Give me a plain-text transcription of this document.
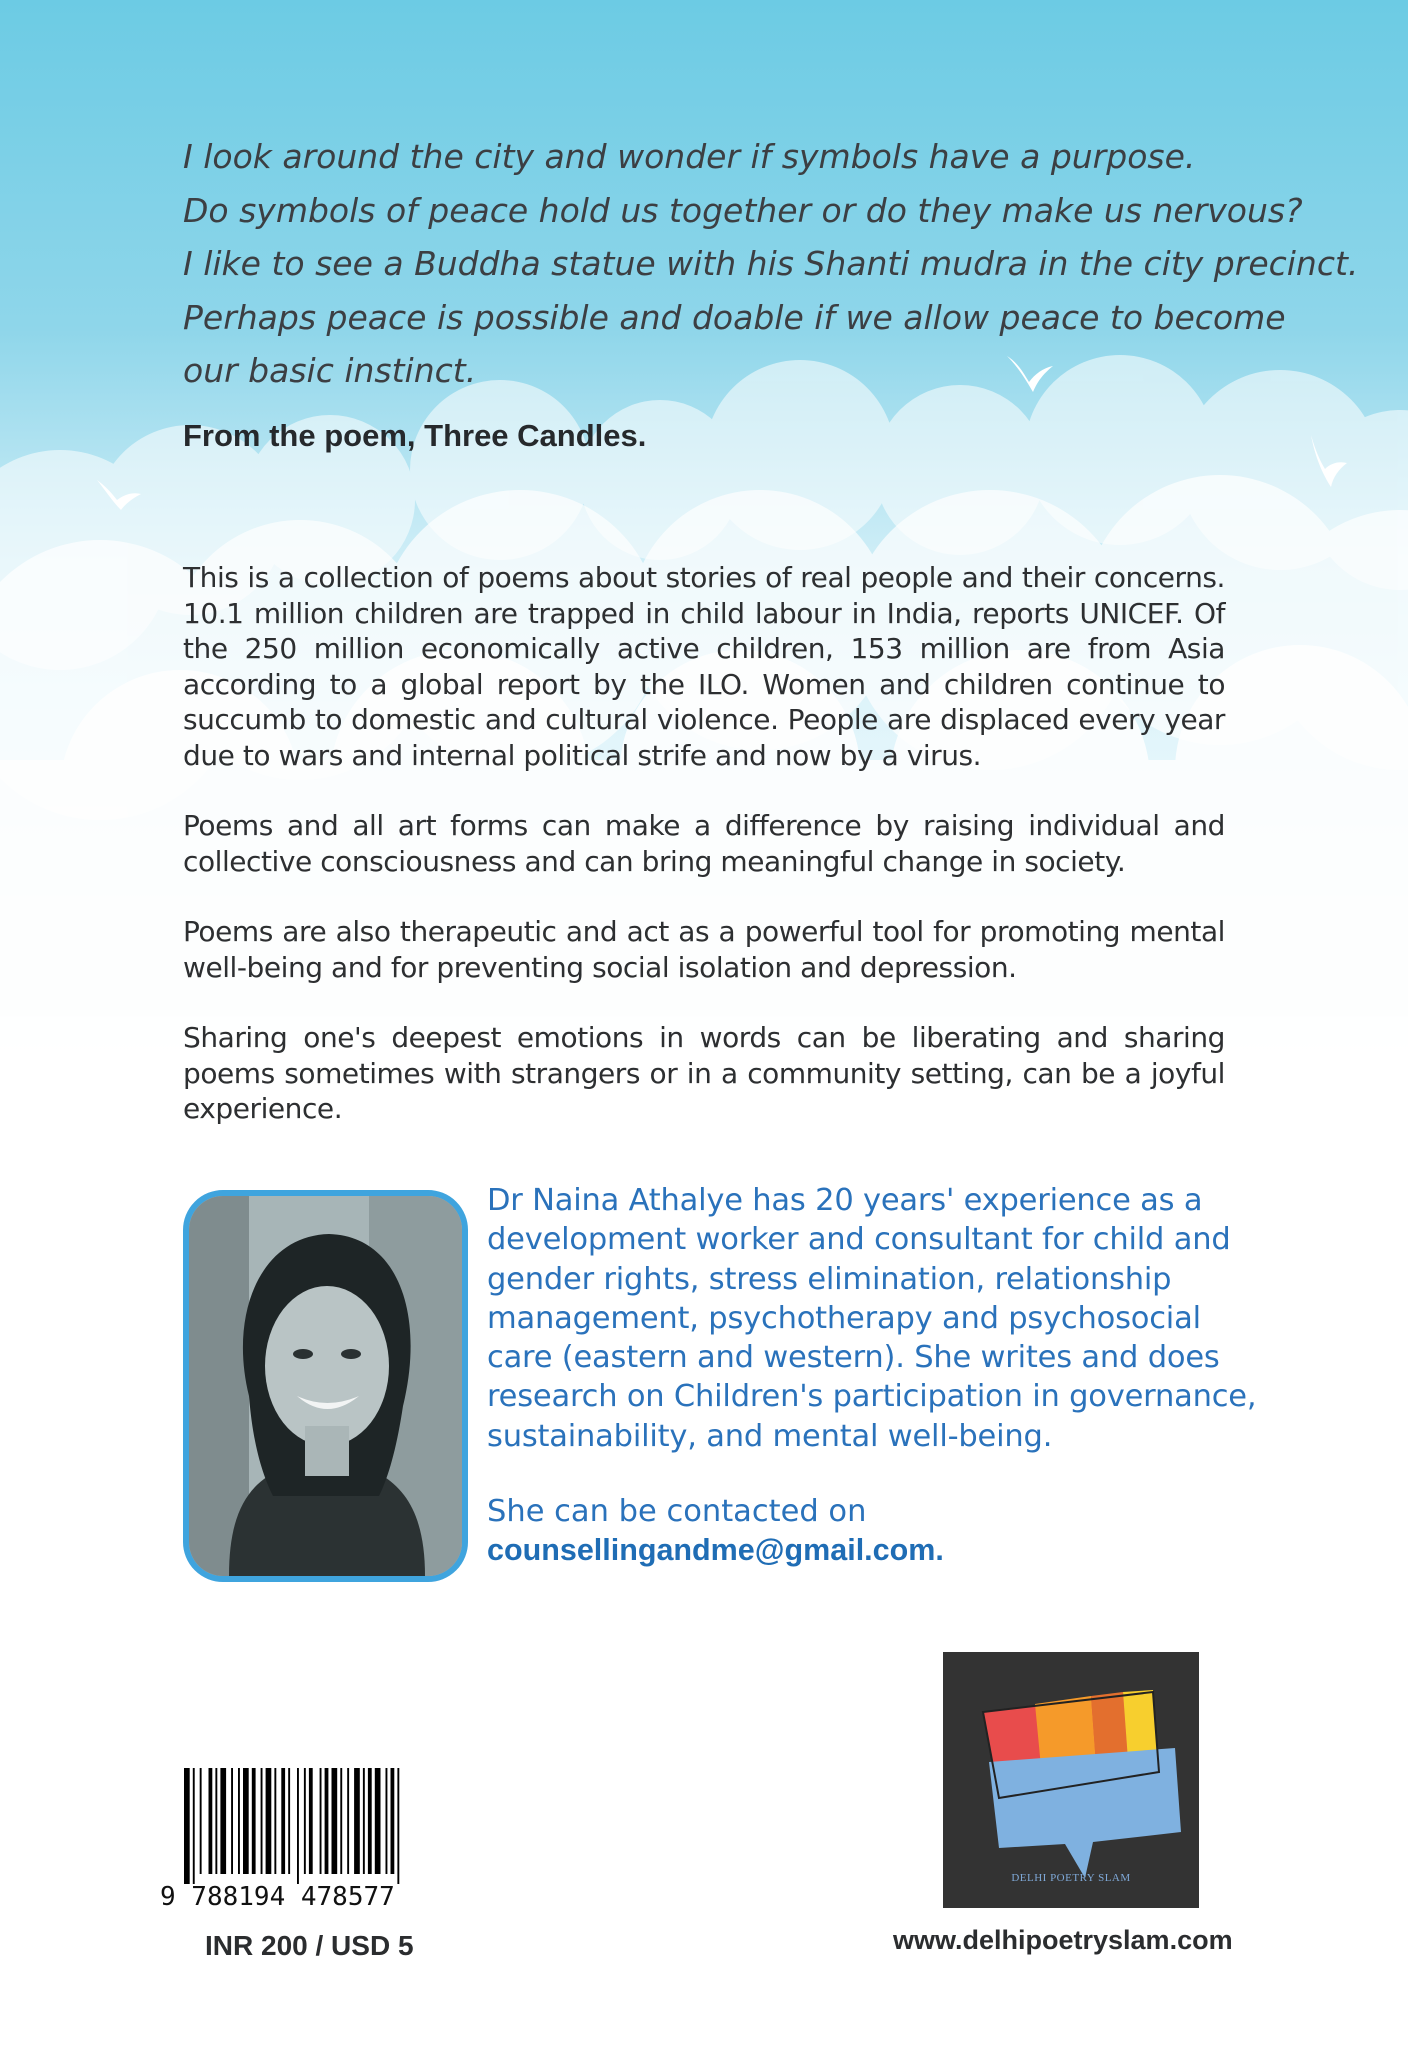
I look around the city and wonder if symbols have a purpose.
Do symbols of peace hold us together or do they make us nervous?
I like to see a Buddha statue with his Shanti mudra in the city precinct.
Perhaps peace is possible and doable if we allow peace to become
our basic instinct.
From the poem, Three Candles.

This is a collection of poems about stories of real people and their concerns. 10.1 million children are trapped in child labour in India, reports UNICEF. Of the 250 million economically active children, 153 million are from Asia according to a global report by the ILO. Women and children continue to succumb to domestic and cultural violence. People are displaced every year due to wars and internal political strife and now by a virus.

Poems and all art forms can make a difference by raising individual and collective consciousness and can bring meaningful change in society.

Poems are also therapeutic and act as a powerful tool for promoting mental well-being and for preventing social isolation and depression.

Sharing one's deepest emotions in words can be liberating and sharing poems sometimes with strangers or in a community setting, can be a joyful experience.

Dr Naina Athalye has 20 years' experience as a development worker and consultant for child and gender rights, stress elimination, relationship management, psychotherapy and psychosocial care (eastern and western). She writes and does research on Children's participation in governance, sustainability, and mental well-being.

She can be contacted on
counsellingandme@gmail.com.

9 788194 478577
INR 200 / USD 5
DELHI POETRY SLAM
www.delhipoetryslam.com
